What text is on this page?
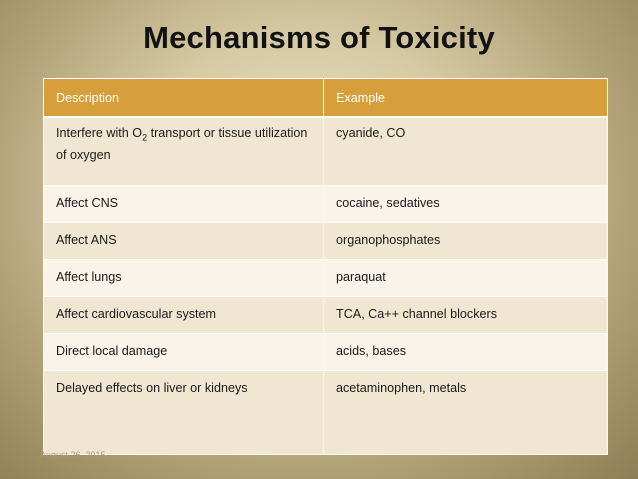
Mechanisms of Toxicity
Description	Example
Interfere with $O_2$ transport or tissue utilization of oxygen	cyanide, CO
Affect CNS	cocaine, sedatives
Affect ANS	organophosphates
Affect lungs	paraquat
Affect cardiovascular system	TCA, Ca++ channel blockers
Direct local damage	acids, bases
Delayed effects on liver or kidneys	acetaminophen, metals
August 26, 2015
